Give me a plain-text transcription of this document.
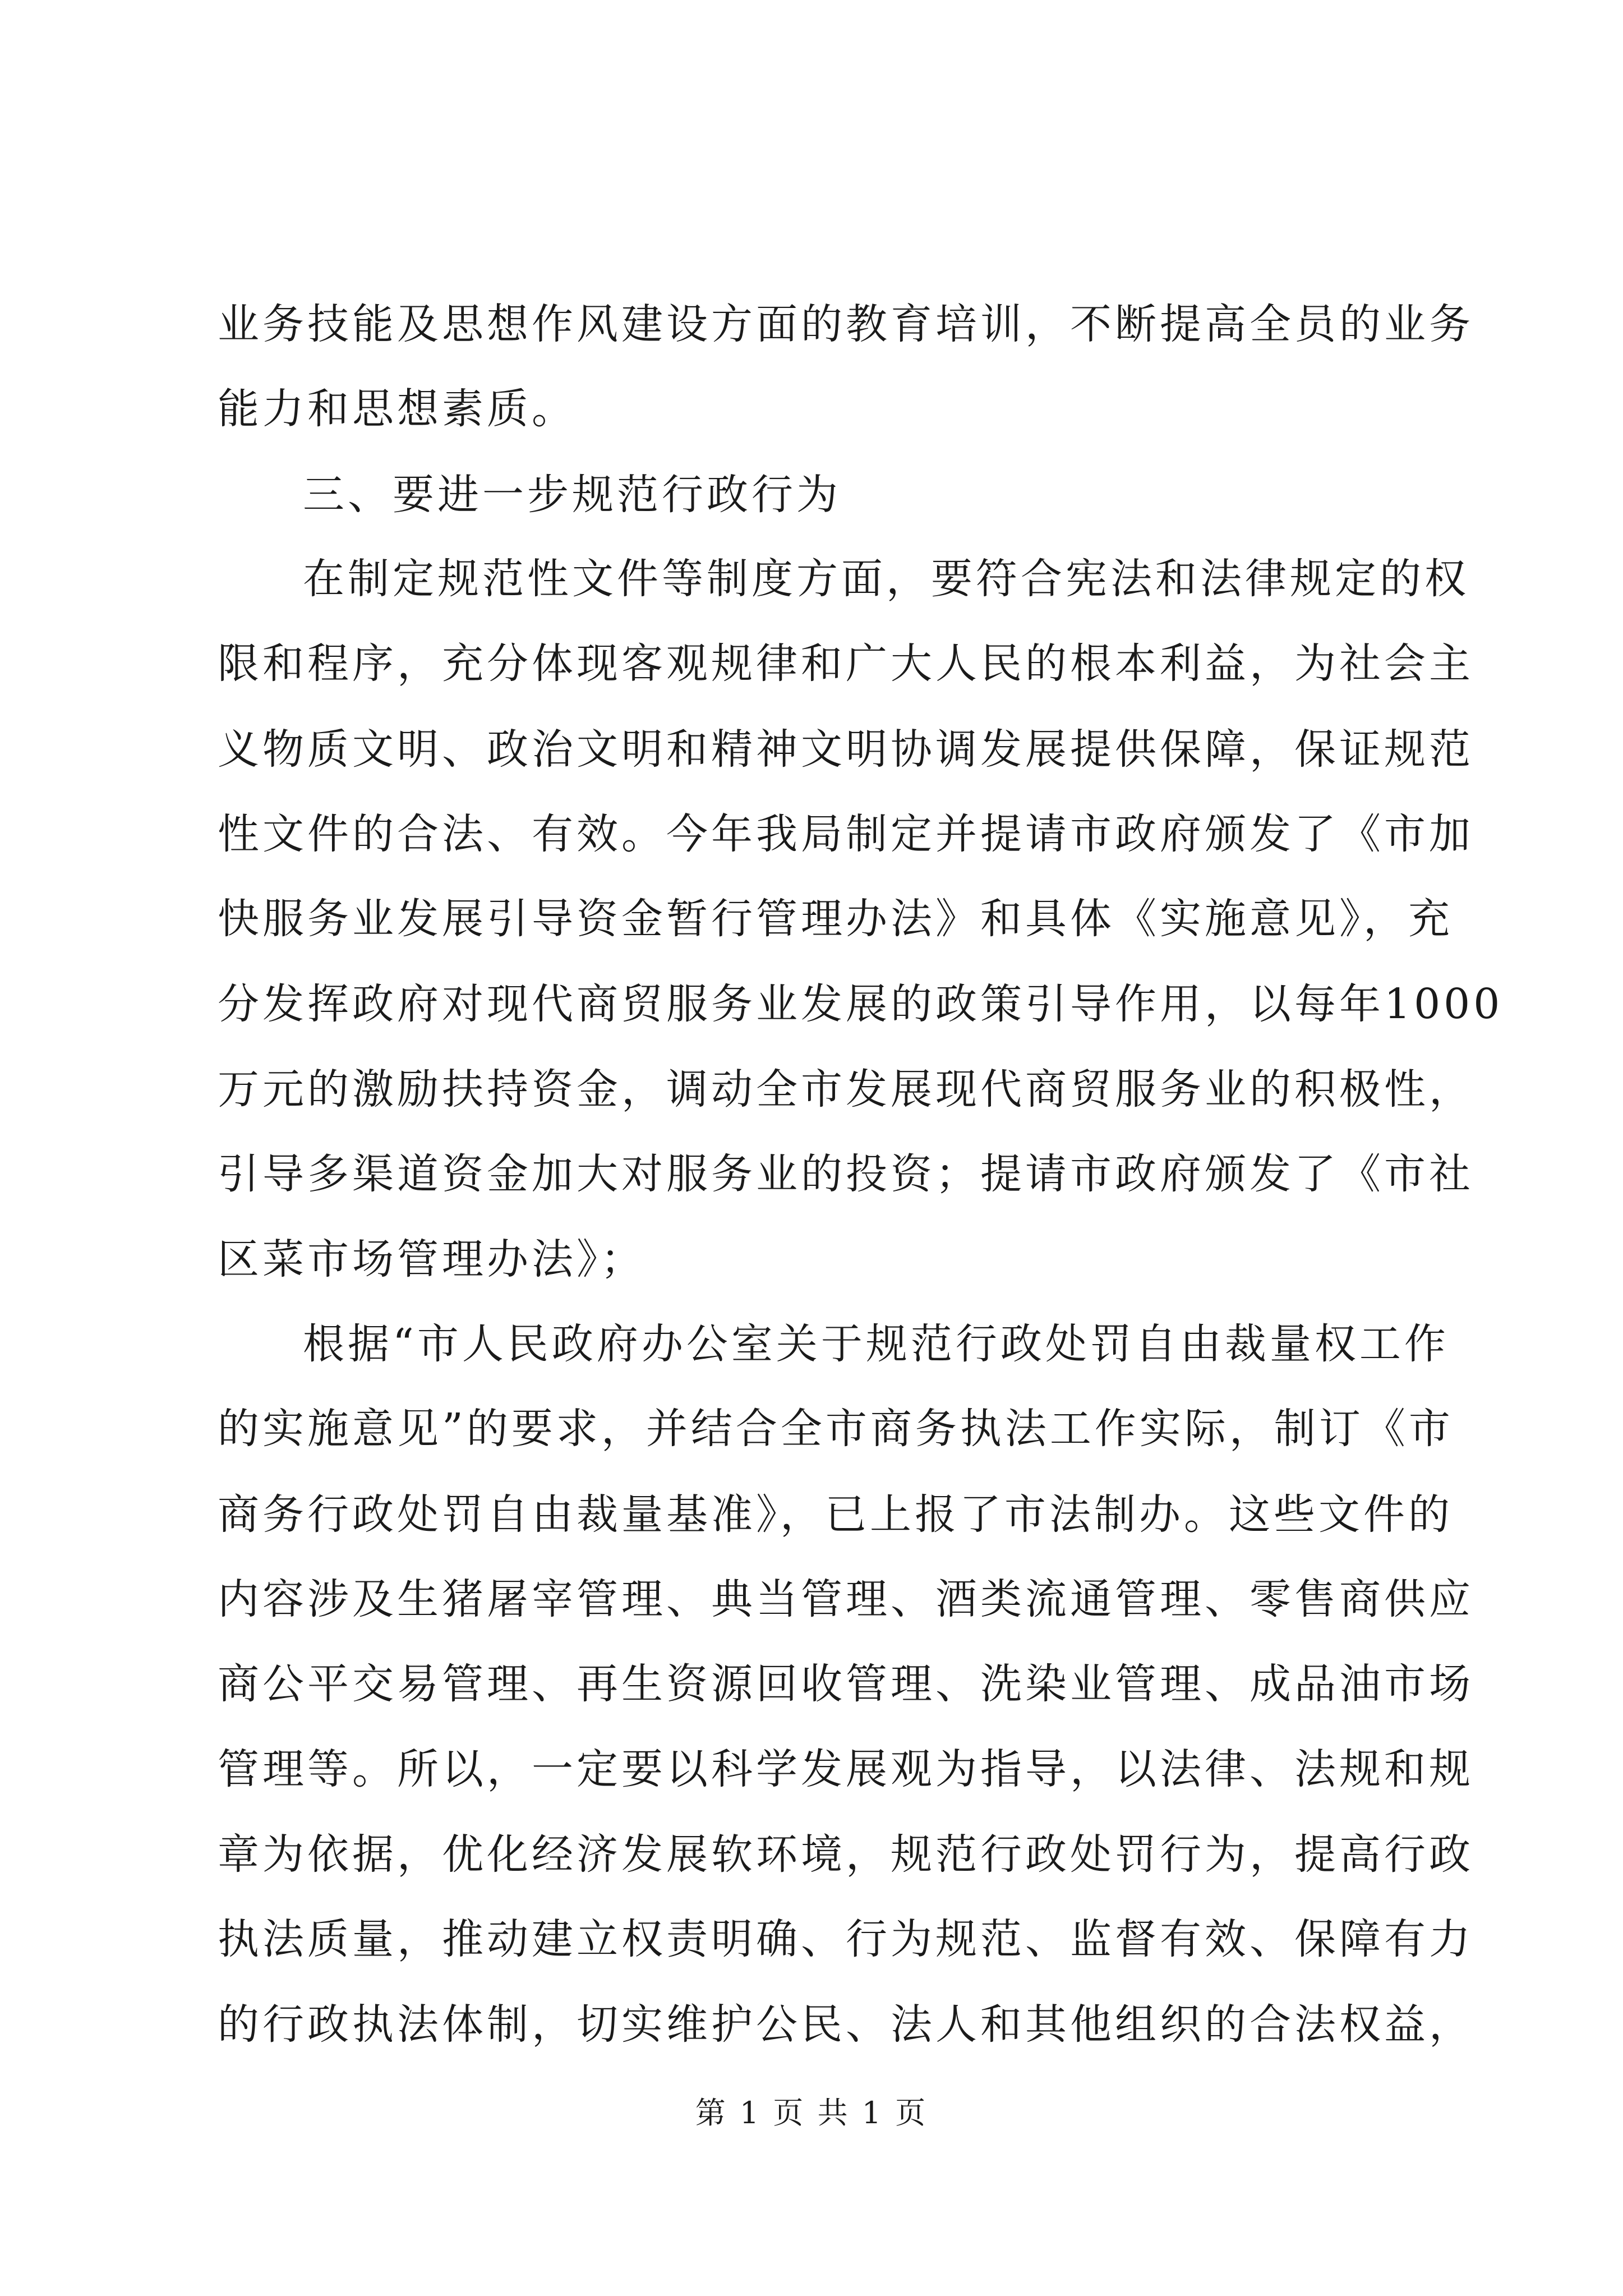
业务技能及思想作风建设方面的教育培训，不断提高全员的业务
能力和思想素质。
三、要进一步规范行政行为
在制定规范性文件等制度方面，要符合宪法和法律规定的权
限和程序，充分体现客观规律和广大人民的根本利益，为社会主
义物质文明、政治文明和精神文明协调发展提供保障，保证规范
性文件的合法、有效。今年我局制定并提请市政府颁发了《市加
快服务业发展引导资金暂行管理办法》和具体《实施意见》，充
分发挥政府对现代商贸服务业发展的政策引导作用，以每年1000
万元的激励扶持资金，调动全市发展现代商贸服务业的积极性，
引导多渠道资金加大对服务业的投资；提请市政府颁发了《市社
区菜市场管理办法》；
根据“市人民政府办公室关于规范行政处罚自由裁量权工作
的实施意见”的要求，并结合全市商务执法工作实际，制订《市
商务行政处罚自由裁量基准》，已上报了市法制办。这些文件的
内容涉及生猪屠宰管理、典当管理、酒类流通管理、零售商供应
商公平交易管理、再生资源回收管理、洗染业管理、成品油市场
管理等。所以，一定要以科学发展观为指导，以法律、法规和规
章为依据，优化经济发展软环境，规范行政处罚行为，提高行政
执法质量，推动建立权责明确、行为规范、监督有效、保障有力
的行政执法体制，切实维护公民、法人和其他组织的合法权益，
第 1 页 共 1 页
